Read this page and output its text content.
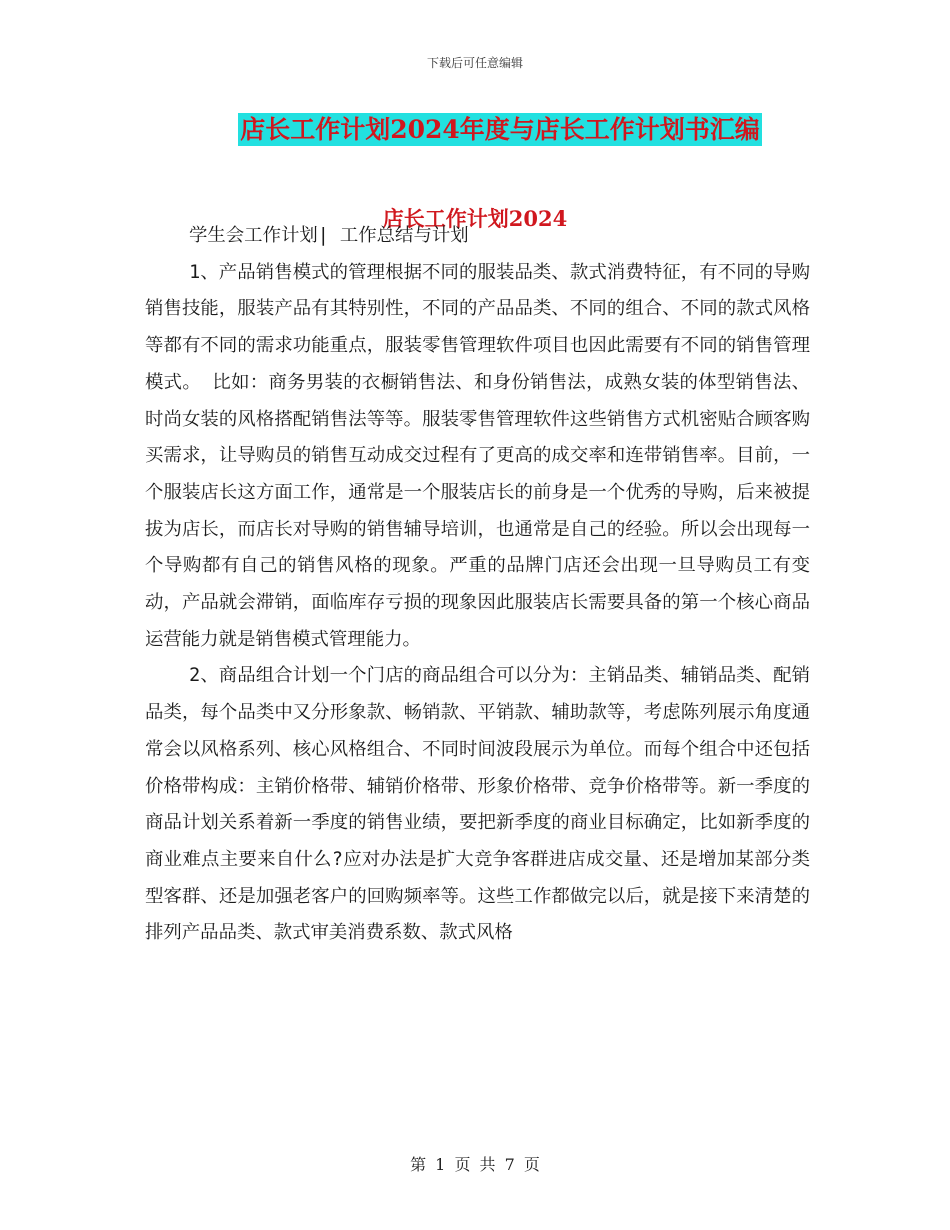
下载后可任意编辑
店长工作计划2024年度与店长工作计划书汇编
店长工作计划2024
学生会工作计划| 工作总结与计划

1、产品销售模式的管理根据不同的服装品类、款式消费特征，有不同的导购销售技能，服装产品有其特别性，不同的产品品类、不同的组合、不同的款式风格等都有不同的需求功能重点，服装零售管理软件项目也因此需要有不同的销售管理模式。 比如：商务男装的衣橱销售法、和身份销售法，成熟女装的体型销售法、时尚女装的风格搭配销售法等等。服装零售管理软件这些销售方式机密贴合顾客购买需求，让导购员的销售互动成交过程有了更高的成交率和连带销售率。目前，一个服装店长这方面工作，通常是一个服装店长的前身是一个优秀的导购，后来被提拔为店长，而店长对导购的销售辅导培训，也通常是自己的经验。所以会出现每一个导购都有自己的销售风格的现象。严重的品牌门店还会出现一旦导购员工有变动，产品就会滞销，面临库存亏损的现象因此服装店长需要具备的第一个核心商品运营能力就是销售模式管理能力。

2、商品组合计划一个门店的商品组合可以分为：主销品类、辅销品类、配销品类，每个品类中又分形象款、畅销款、平销款、辅助款等，考虑陈列展示角度通常会以风格系列、核心风格组合、不同时间波段展示为单位。而每个组合中还包括价格带构成：主销价格带、辅销价格带、形象价格带、竞争价格带等。新一季度的商品计划关系着新一季度的销售业绩，要把新季度的商业目标确定，比如新季度的商业难点主要来自什么?应对办法是扩大竞争客群进店成交量、还是增加某部分类型客群、还是加强老客户的回购频率等。这些工作都做完以后，就是接下来清楚的排列产品品类、款式审美消费系数、款式风格

第 1 页 共 7 页
